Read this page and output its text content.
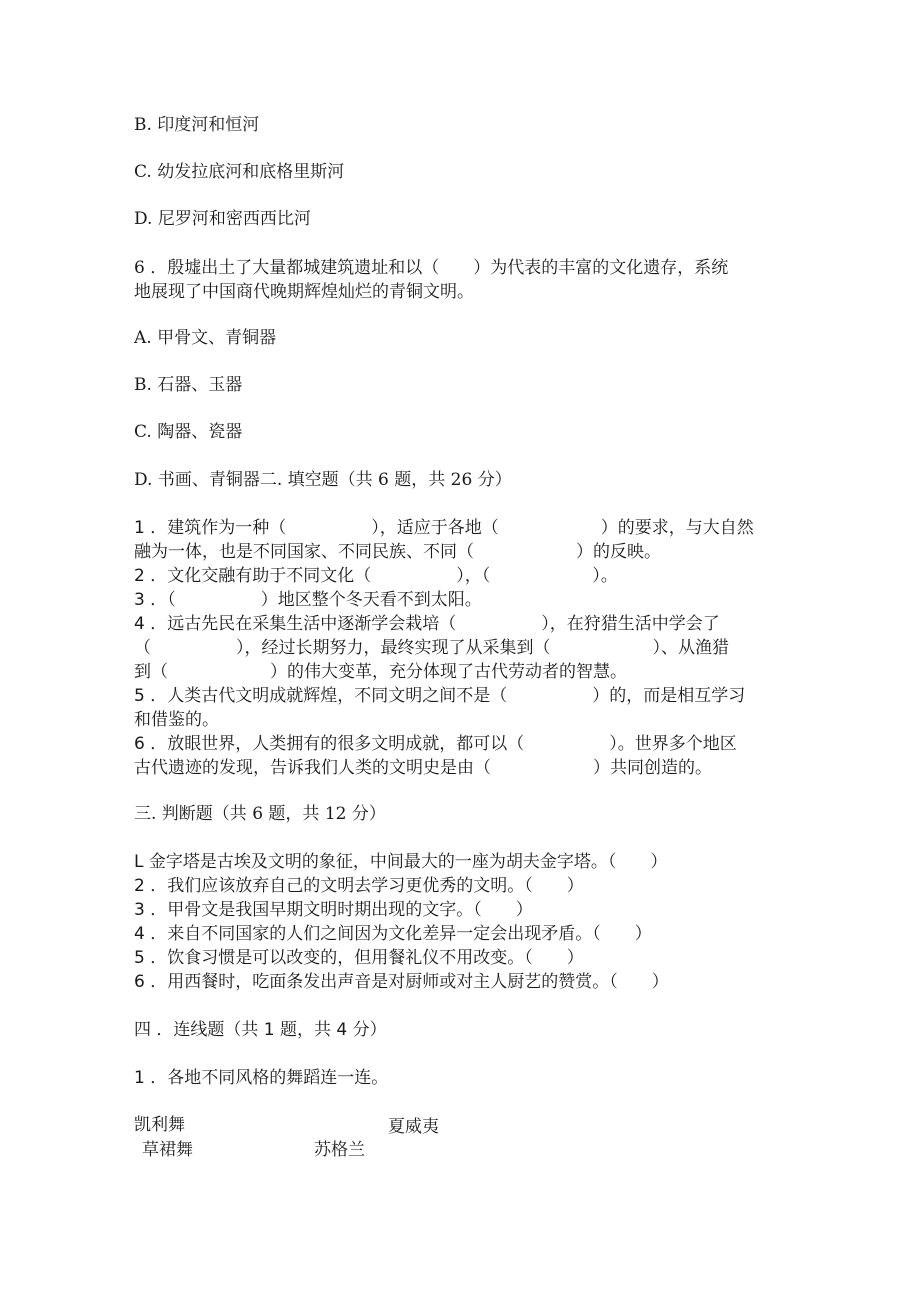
B. 印度河和恒河
C. 幼发拉底河和底格里斯河
D. 尼罗河和密西西比河
6 ．殷墟出土了大量都城建筑遗址和以（　　）为代表的丰富的文化遗存，系统
地展现了中国商代晚期辉煌灿烂的青铜文明。
A. 甲骨文、青铜器
B. 石器、玉器
C. 陶器、瓷器
D. 书画、青铜器二. 填空题（共 6 题，共 26 分）
1 ．建筑作为一种（　　　　　），适应于各地（　　　　　　）的要求，与大自然
融为一体，也是不同国家、不同民族、不同（　　　　　　）的反映。
2 ．文化交融有助于不同文化（　　　　　），（　　　　　　）。
3 ．（　　　　　）地区整个冬天看不到太阳。
4 ．远古先民在采集生活中逐渐学会栽培（　　　　　），在狩猎生活中学会了
（　　　　　），经过长期努力，最终实现了从采集到（　　　　　　）、从渔猎
到（　　　　　　）的伟大变革，充分体现了古代劳动者的智慧。
5 ．人类古代文明成就辉煌，不同文明之间不是（　　　　　）的，而是相互学习
和借鉴的。
6 ．放眼世界，人类拥有的很多文明成就，都可以（　　　　　）。世界多个地区
古代遗迹的发现，告诉我们人类的文明史是由（　　　　　　）共同创造的。
三. 判断题（共 6 题，共 12 分）
L 金字塔是古埃及文明的象征，中间最大的一座为胡夫金字塔。（　　）
2 ．我们应该放弃自己的文明去学习更优秀的文明。（　　）
3 ．甲骨文是我国早期文明时期出现的文字。（　　）
4 ．来自不同国家的人们之间因为文化差异一定会出现矛盾。（　　）
5 ．饮食习惯是可以改变的，但用餐礼仪不用改变。（　　）
6 ．用西餐时，吃面条发出声音是对厨师或对主人厨艺的赞赏。（　　）
四 ．连线题（共 1 题，共 4 分）
1 ．各地不同风格的舞蹈连一连。
凯利舞	夏威夷
草裙舞	苏格兰
